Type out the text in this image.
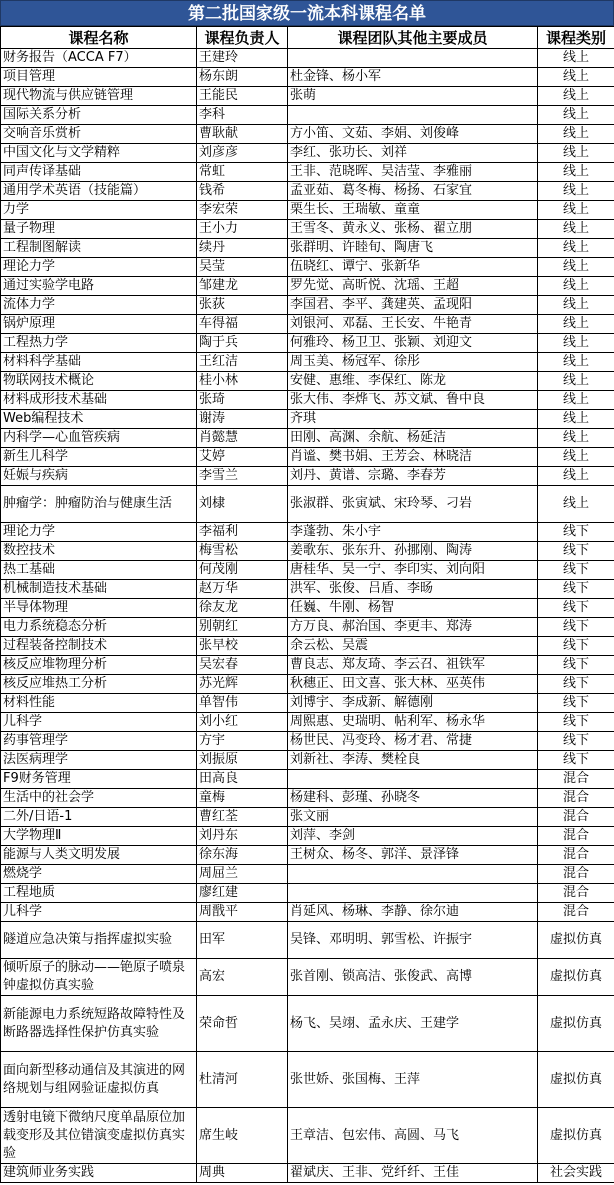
第二批国家级一流本科课程名单
课程名称	课程负责人	课程团队其他主要成员	课程类别
财务报告（ACCA F7）	王建玲		线上
项目管理	杨东朗	杜金锋、杨小军	线上
现代物流与供应链管理	王能民	张萌	线上
国际关系分析	李科		线上
交响音乐赏析	曹耿献	方小笛、文茹、李娟、刘俊峰	线上
中国文化与文学精粹	刘彦彦	李红、张功长、刘祥	线上
同声传译基础	常虹	王非、范晓晖、吴洁莹、李雅丽	线上
通用学术英语（技能篇）	钱希	孟亚茹、葛冬梅、杨扬、石家宜	线上
力学	李宏荣	栗生长、王瑞敏、童童	线上
量子物理	王小力	王雪冬、黄永义、张杨、翟立朋	线上
工程制图解读	续丹	张群明、许睦旬、陶唐飞	线上
理论力学	吴莹	伍晓红、谭宁、张新华	线上
通过实验学电路	邹建龙	罗先觉、高昕悦、沈瑶、王超	线上
流体力学	张荻	李国君、李平、龚建英、孟现阳	线上
锅炉原理	车得福	刘银河、邓磊、王长安、牛艳青	线上
工程热力学	陶于兵	何雅玲、杨卫卫、张颖、刘迎文	线上
材料科学基础	王红洁	周玉美、杨冠军、徐彤	线上
物联网技术概论	桂小林	安健、惠维、李保红、陈龙	线上
材料成形技术基础	张琦	张大伟、李烨飞、苏文斌、鲁中良	线上
Web编程技术	谢涛	齐琪	线上
内科学—心血管疾病	肖懿慧	田刚、高渊、余航、杨延洁	线上
新生儿科学	艾婷	肖谧、樊书娟、王芳会、林晓洁	线上
妊娠与疾病	李雪兰	刘丹、黄谱、宗璐、李春芳	线上
肿瘤学：肿瘤防治与健康生活	刘棣	张淑群、张寅斌、宋玲琴、刁岩	线上
理论力学	李福利	李蓬勃、朱小宇	线下
数控技术	梅雪松	姜歌东、张东升、孙挪刚、陶涛	线下
热工基础	何茂刚	唐桂华、吴一宁、李印实、刘向阳	线下
机械制造技术基础	赵万华	洪军、张俊、吕盾、李旸	线下
半导体物理	徐友龙	任巍、牛刚、杨智	线下
电力系统稳态分析	别朝红	方万良、郝治国、李更丰、郑涛	线下
过程装备控制技术	张早校	余云松、吴震	线下
核反应堆物理分析	吴宏春	曹良志、郑友琦、李云召、祖铁军	线下
核反应堆热工分析	苏光辉	秋穗正、田文喜、张大林、巫英伟	线下
材料性能	单智伟	刘博宇、李成新、解德刚	线下
儿科学	刘小红	周熙惠、史瑞明、帖利军、杨永华	线下
药事管理学	方宇	杨世民、冯变玲、杨才君、常捷	线下
法医病理学	刘振原	刘新社、李涛、樊栓良	线下
F9财务管理	田高良		混合
生活中的社会学	童梅	杨建科、彭瑾、孙晓冬	混合
二外/日语-1	曹红荃	张文丽	混合
大学物理Ⅱ	刘丹东	刘萍、李剑	混合
能源与人类文明发展	徐东海	王树众、杨冬、郭洋、景泽锋	混合
燃烧学	周屈兰		混合
工程地质	廖红建		混合
儿科学	周戬平	肖延风、杨琳、李静、徐尔迪	混合
隧道应急决策与指挥虚拟实验	田军	吴锋、邓明明、郭雪松、许振宇	虚拟仿真
倾听原子的脉动——铯原子喷泉钟虚拟仿真实验	高宏	张首刚、锁高洁、张俊武、高博	虚拟仿真
新能源电力系统短路故障特性及断路器选择性保护仿真实验	荣命哲	杨飞、吴翊、孟永庆、王建学	虚拟仿真
面向新型移动通信及其演进的网络规划与组网验证虚拟仿真	杜清河	张世娇、张国梅、王萍	虚拟仿真
透射电镜下微纳尺度单晶原位加载变形及其位错演变虚拟仿真实验	席生岐	王章洁、包宏伟、高圆、马飞	虚拟仿真
建筑师业务实践	周典	翟斌庆、王非、党纤纤、王佳	社会实践
